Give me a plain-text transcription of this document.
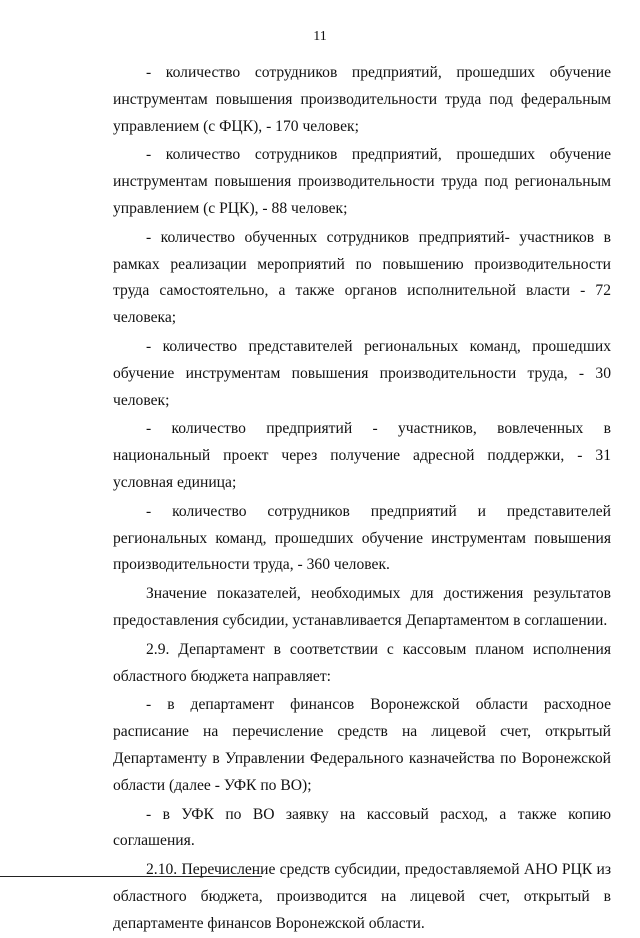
11

- количество сотрудников предприятий, прошедших обучение инструментам повышения производительности труда под федеральным управлением (с ФЦК), - 170 человек;

- количество сотрудников предприятий, прошедших обучение инструментам повышения производительности труда под региональным управлением (с РЦК), - 88 человек;

- количество обученных сотрудников предприятий- участников в рамках реализации мероприятий по повышению производительности труда самостоятельно, а также органов исполнительной власти - 72 человека;

- количество представителей региональных команд, прошедших обучение инструментам повышения производительности труда, - 30 человек;

- количество предприятий - участников, вовлеченных в национальный проект через получение адресной поддержки, - 31 условная единица;

- количество сотрудников предприятий и представителей региональных команд, прошедших обучение инструментам повышения производительности труда, - 360 человек.

Значение показателей, необходимых для достижения результатов предоставления субсидии, устанавливается Департаментом в соглашении.

2.9. Департамент в соответствии с кассовым планом исполнения областного бюджета направляет:

- в департамент финансов Воронежской области расходное расписание на перечисление средств на лицевой счет, открытый Департаменту в Управлении Федерального казначейства по Воронежской области (далее - УФК по ВО);

- в УФК по ВО заявку на кассовый расход, а также копию соглашения.

2.10. Перечисление средств субсидии, предоставляемой АНО РЦК из областного бюджета, производится на лицевой счет, открытый в департаменте финансов Воронежской области.
